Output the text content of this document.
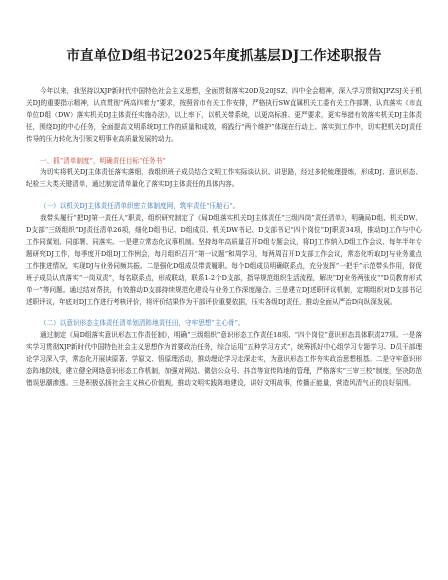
市直单位D组书记2025年度抓基层DJ工作述职报告

今年以来，我坚持以XJP新时代中国特色社会主义思想，全面贯彻落实20D及20JSZ、四中全会精神，深入学习贯彻XJPZSJ关于机关DJ的重要指示精神，认真贯彻“两高四着力”要求，按照省市有关工作安排，严格执行SW直属机关工委有关工作部署，认真落实《市直单位D组（DW）落实机关DJ主体责任实施办法》，以上率下，以机关带系统，以更高标准、更严要求，更实举措有效落实机关DJ主体责任，围绕DJ的中心任务，全面提高文明系统DJ工作的质量和成效，将践行“两个维护”体现在行动上、落实到工作中，切实把机关DJ责任传导的压力转化为引领文明事业高质量发展的动力。

一、抓“清单制度”，明确责任目标“任务书”

为切实将机关DJ主体责任落实落细，我组织班子成员结合文明工作实际谈认识、讲思路，经过多轮梳理提炼，形成DJ、意识形态、纪检三大类关键清单，通过制定清单量化了落实DJ主体责任的具体内容。

（一）以机关DJ主体责任清单织密立体制度网，筑牢责任“压舱石”。

我带头履行“把DJ第一责任人”职责，组织研究制定了《局D组落实机关DJ主体责任“三级四岗”责任清单》，明确局D组、机关DW、D支部“三级组织”DJ责任清单26项，细化D组书记、D组成员、机关DW书记、D支部书记“四个岗位”DJ职责34项，推动DJ工作与中心工作同谋划、同部署、同落实。一是建立常态化议事机制。坚持每年高质量召开D组专题会议，将DJ工作纳入D组工作会议、每年半年专题研究DJ工作，每季度开D组DJ工作例会，每月组织召开“第一议题”和周学习，每两周召开D支部工作会议，常态化听取DJ与业务重点工作推进情况，实现DJ与业务同频共振。二是强化D组成员带责履职。每个D组成员明确联系点，充分发挥“一把手”示范带头作用，督促班子成员认真落实“一岗双责”，每名联系点，形成联动，联系1-2个D支部，指导规范组织生活流程，解决“DJ业务两张皮”“D员教育形式单一”等问题。通过结对帮扶，有效推动D支部持续规范化建设与业务工作深度融合。三是建立DJ述职评议机制，定期组织对D支部书记述职评议，年底对DJ工作进行考核评价，将评价结果作为干部评价重要依据，压实各级DJ责任，推动全面从严治D向纵深发展。

（二）以意识形态主体责任清单划清阵地责任田，守牢思想“主心骨”。

通过制定《局D组落实意识形态工作责任制》，明确“三级组织”意识形态工作责任18项、“四个岗位”意识形态具体职责27项。一是落实学习贯彻XJP新时代中国特色社会主义思想作为首要政治任务，综合运用“五种学习方式”，统筹抓好中心组学习专题学习、D员干部理论学习深入学，常态化开展读原著、学原文、悟原理活动，推动理论学习走深走实，为意识形态工作夯实政治思想根基。二是守牢意识形态阵地防线，建立健全网络意识形态工作机制，加强对网站、微信公众号、抖音等宣传阵地的管理，严格落实“三审三校”制度，坚决防范错误思潮渗透。三是积极弘扬社会主义核心价值观，推动文明实践阵地建设，讲好文明故事，传播正能量，营造风清气正的良好氛围。
